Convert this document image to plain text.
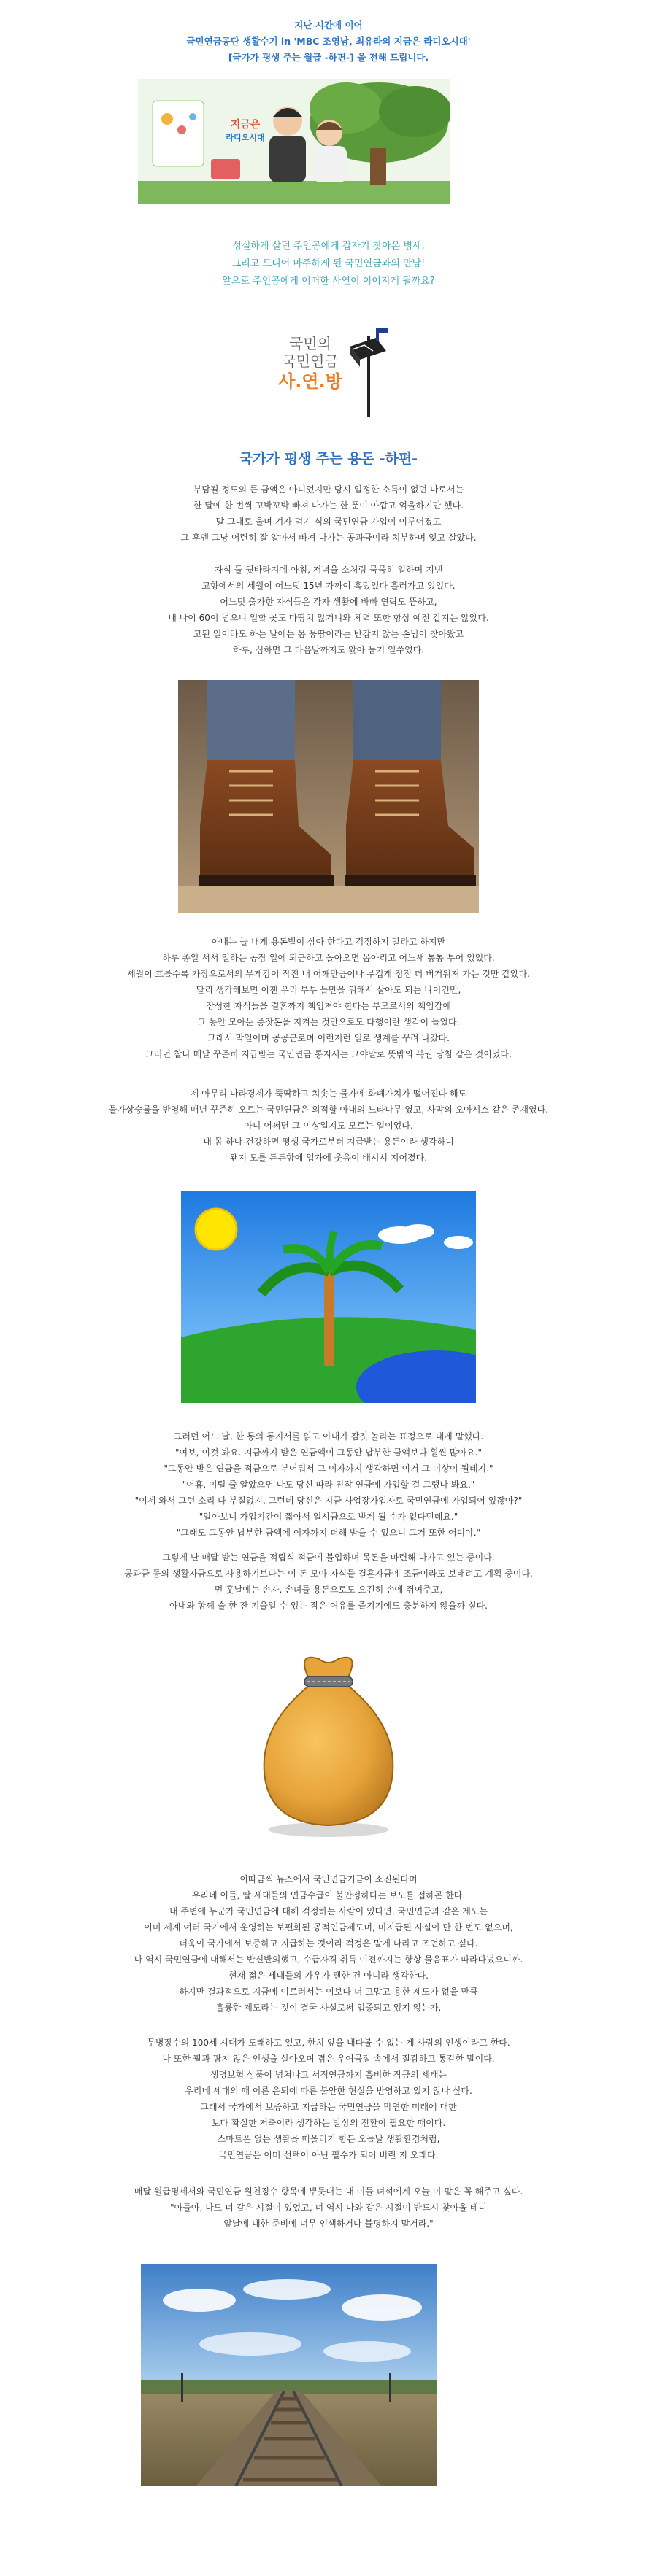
지난 시간에 이어
국민연금공단 생활수기 in 'MBC 조영남, 최유라의 지금은 라디오시대'
[국가가 평생 주는 월급 -하편-] 을 전해 드립니다.
지금은
라디오시대
성실하게 살던 주인공에게 갑자기 찾아온 병세,
그리고 드디어 마주하게 된 국민연금과의 만남!
앞으로 주인공에게 어떠한 사연이 이어지게 될까요?
국민의
국민연금
사.연.방
국가가 평생 주는 용돈 -하편-
부담될 정도의 큰 금액은 아니었지만 당시 일정한 소득이 없던 나로서는
한 달에 한 번씩 꼬박꼬박 빠져 나가는 한 푼이 아깝고 억울하기만 했다.
말 그대로 울며 겨자 먹기 식의 국민연금 가입이 이루어졌고
그 후엔 그냥 어련히 잘 알아서 빠져 나가는 공과금이라 치부하며 잊고 살았다.
자식 둘 뒷바라지에 아침, 저녁을 소처럼 묵묵히 일하며 지낸
고향에서의 세월이 어느덧 15년 가까이 흑렀었다 흘러가고 있었다.
어느덧 출가한 자식들은 각자 생활에 바빠 연락도 뜸하고,
내 나이 60이 넘으니 일할 곳도 마땅치 않거니와 체력 또한 항상 예전 같지는 않았다.
고된 일이라도 하는 날에는 몸 뭉땅이라는 반갑지 않는 손님이 찾아왔고
하루, 심하면 그 다음날까지도 앓아 눕기 일쑤였다.
아내는 늘 내게 용돈벌이 삼아 한다고 걱정하지 말라고 하지만
하루 종일 서서 일하는 공장 일에 퇴근하고 돌아오면 몸아리고 어느새 통통 부어 있었다.
세월이 흐를수록 가장으로서의 무게감이 작진 내 어깨만큼이나 무겁게 점점 더 버거워져 가는 것만 같았다.
달리 생각해보면 이젠 우리 부부 들만을 위해서 살아도 되는 나이건만,
장성한 자식들을 결혼까지 책임져야 한다는 부모로서의 책임감에
그 동안 모아둔 종잣돈을 지켜는 것만으로도 다행이란 생각이 들었다.
그래서 막일이며 공공근로며 이런저런 일로 생계를 꾸려 나갔다.
그러던 찰나 매달 꾸준히 지급받는 국민연금 통지서는 그야말로 뜻밖의 복권 당첨 같은 것이었다.
제 아무리 나라경제가 뚝딱하고 치솟는 물가에 화폐가치가 떨어진다 해도
물가상승률을 반영해 매년 꾸준히 오르는 국민연금은 외적할 아내의 느타나무 였고, 사막의 오아시스 같은 존재였다.
아니 어쩌면 그 이상일지도 모르는 일이었다.
내 몸 하나 건강하면 평생 국가로부터 지급받는 용돈이라 생각하니
왠지 모를 든든함에 입가에 웃음이 배시시 지어졌다.
그러던 어느 날, 한 통의 통지서를 읽고 아내가 잠짓 놀라는 표정으로 내게 말했다.
"여보, 이것 봐요. 지금까지 받은 연금액이 그동안 납부한 금액보다 훨씬 많아요."
"그동안 받은 연금을 적금으로 부어둬서 그 이자까지 생각하면 이거 그 이상이 될테지."
"어휴, 이럴 줄 알았으면 나도 당신 따라 진작 연금에 가입할 걸 그랬나 봐요."
"이제 와서 그런 소리 다 부질없지. 그런데 당신은 지금 사업장가입자로 국민연금에 가입되어 있잖아?"
"알아보니 가입기간이 짧아서 일시금으로 받게 될 수가 없다던데요."
"그래도 그동안 납부한 금액에 이자까지 더해 받을 수 있으니 그거 또한 어디야."
그렇게 난 매달 받는 연금을 적립식 적금에 불입하며 목돈을 마련해 나가고 있는 중이다.
공과금 등의 생활자금으로 사용하기보다는 이 돈 모아 자식들 결혼자금에 조금이라도 보태려고 계획 중이다.
먼 훗날에는 손자, 손녀들 용돈으로도 요긴히 손에 쥐여주고,
아내와 함께 술 한 잔 기울일 수 있는 작은 여유를 즐기기에도 충분하지 않을까 싶다.
이따금씩 뉴스에서 국민연금기금이 소진된다며
우리네 이들, 딸 세대들의 연금수급이 불안정하다는 보도를 접하곤 한다.
내 주변에 누군가 국민연금에 대해 걱정하는 사람이 있다면, 국민연금과 같은 제도는
이미 세계 여러 국가에서 운영하는 보편화된 공적연금제도며, 미지급된 사실이 단 한 번도 없으며,
더욱이 국가에서 보증하고 지급하는 것이라 걱정은 말게 나라고 조언하고 싶다.
나 역시 국민연금에 대해서는 반신반의했고, 수급자격 취득 이전까지는 항상 물음표가 따라다녔으니까.
현재 젊은 세대들의 가우가 괜한 건 아니라 생각한다.
하지만 결과적으로 지금에 이르러서는 이보다 더 고맙고 용한 제도가 없을 만큼
훌륭한 제도라는 것이 결국 사실로써 입증되고 있지 않는가.
무병장수의 100세 시대가 도래하고 있고, 한치 앞을 내다볼 수 없는 게 사람의 인생이라고 한다.
나 또한 팔과 팜지 않은 인생을 살아오며 겪은 우여곡절 속에서 절감하고 통감한 말이다.
생명보험 상품이 넘쳐나고 서적연금까지 흘비한 작금의 세태는
우리네 세대의 때 이른 은퇴에 따른 불안한 현실을 반영하고 있지 않나 싶다.
그래서 국가에서 보증하고 지급하는 국민연금을 막연한 미래에 대한
보다 확실한 저축이라 생각하는 발상의 전환이 필요한 때이다.
스마트폰 없는 생활을 떠올리기 힘든 오늘날 생활환경처럼,
국민연금은 이미 선택이 아닌 필수가 되어 버린 지 오래다.
매달 월급명세서와 국민연금 원천징수 항목에 뿌듯대는 내 이들 녀석에게 오늘 이 말은 꼭 해주고 싶다.
"아들아, 나도 너 같은 시절이 있었고, 너 역시 나와 같은 시절이 반드시 찾아올 테니
앞날에 대한 준비에 너무 인색하거나 불평하지 말거라."
